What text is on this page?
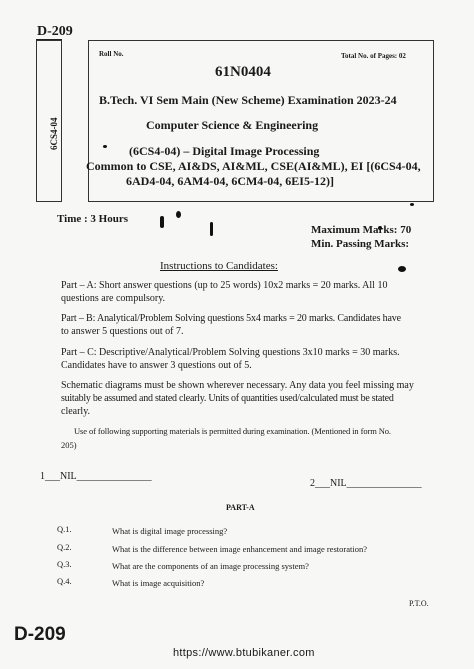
D-209
6CS4-04
Roll No.	Total No. of Pages: 02
61N0404
B.Tech. VI Sem Main (New Scheme) Examination 2023-24
Computer Science & Engineering
(6CS4-04) – Digital Image Processing
Common to CSE, AI&DS, AI&ML, CSE(AI&ML), EI [(6CS4-04,
6AD4-04, 6AM4-04, 6CM4-04, 6EI5-12)]
Time : 3 Hours
Maximum Marks: 70
Min. Passing Marks:
Instructions to Candidates:
Part – A: Short answer questions (up to 25 words) 10x2 marks = 20 marks. All 10
questions are compulsory.
Part – B: Analytical/Problem Solving questions 5x4 marks = 20 marks. Candidates have
to answer 5 questions out of 7.
Part – C: Descriptive/Analytical/Problem Solving questions 3x10 marks = 30 marks.
Candidates have to answer 3 questions out of 5.
Schematic diagrams must be shown wherever necessary. Any data you feel missing may
suitably be assumed and stated clearly. Units of quantities used/calculated must be stated
clearly.
Use of following supporting materials is permitted during examination. (Mentioned in form No.
205)
1___NIL_______________
2___NIL_______________
PART-A
Q.1.	What is digital image processing?
Q.2.	What is the difference between image enhancement and image restoration?
Q.3.	What are the components of an image processing system?
Q.4.	What is image acquisition?
P.T.O.
D-209
https://www.btubikaner.com
